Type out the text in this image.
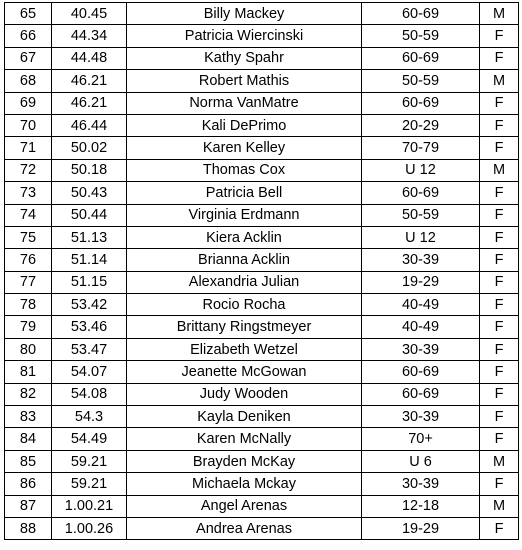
65	40.45	Billy Mackey	60-69	M
66	44.34	Patricia Wiercinski	50-59	F
67	44.48	Kathy Spahr	60-69	F
68	46.21	Robert Mathis	50-59	M
69	46.21	Norma VanMatre	60-69	F
70	46.44	Kali DePrimo	20-29	F
71	50.02	Karen Kelley	70-79	F
72	50.18	Thomas Cox	U 12	M
73	50.43	Patricia Bell	60-69	F
74	50.44	Virginia Erdmann	50-59	F
75	51.13	Kiera Acklin	U 12	F
76	51.14	Brianna Acklin	30-39	F
77	51.15	Alexandria Julian	19-29	F
78	53.42	Rocio Rocha	40-49	F
79	53.46	Brittany Ringstmeyer	40-49	F
80	53.47	Elizabeth Wetzel	30-39	F
81	54.07	Jeanette McGowan	60-69	F
82	54.08	Judy Wooden	60-69	F
83	54.3	Kayla Deniken	30-39	F
84	54.49	Karen McNally	70+	F
85	59.21	Brayden McKay	U 6	M
86	59.21	Michaela Mckay	30-39	F
87	1.00.21	Angel Arenas	12-18	M
88	1.00.26	Andrea Arenas	19-29	F
